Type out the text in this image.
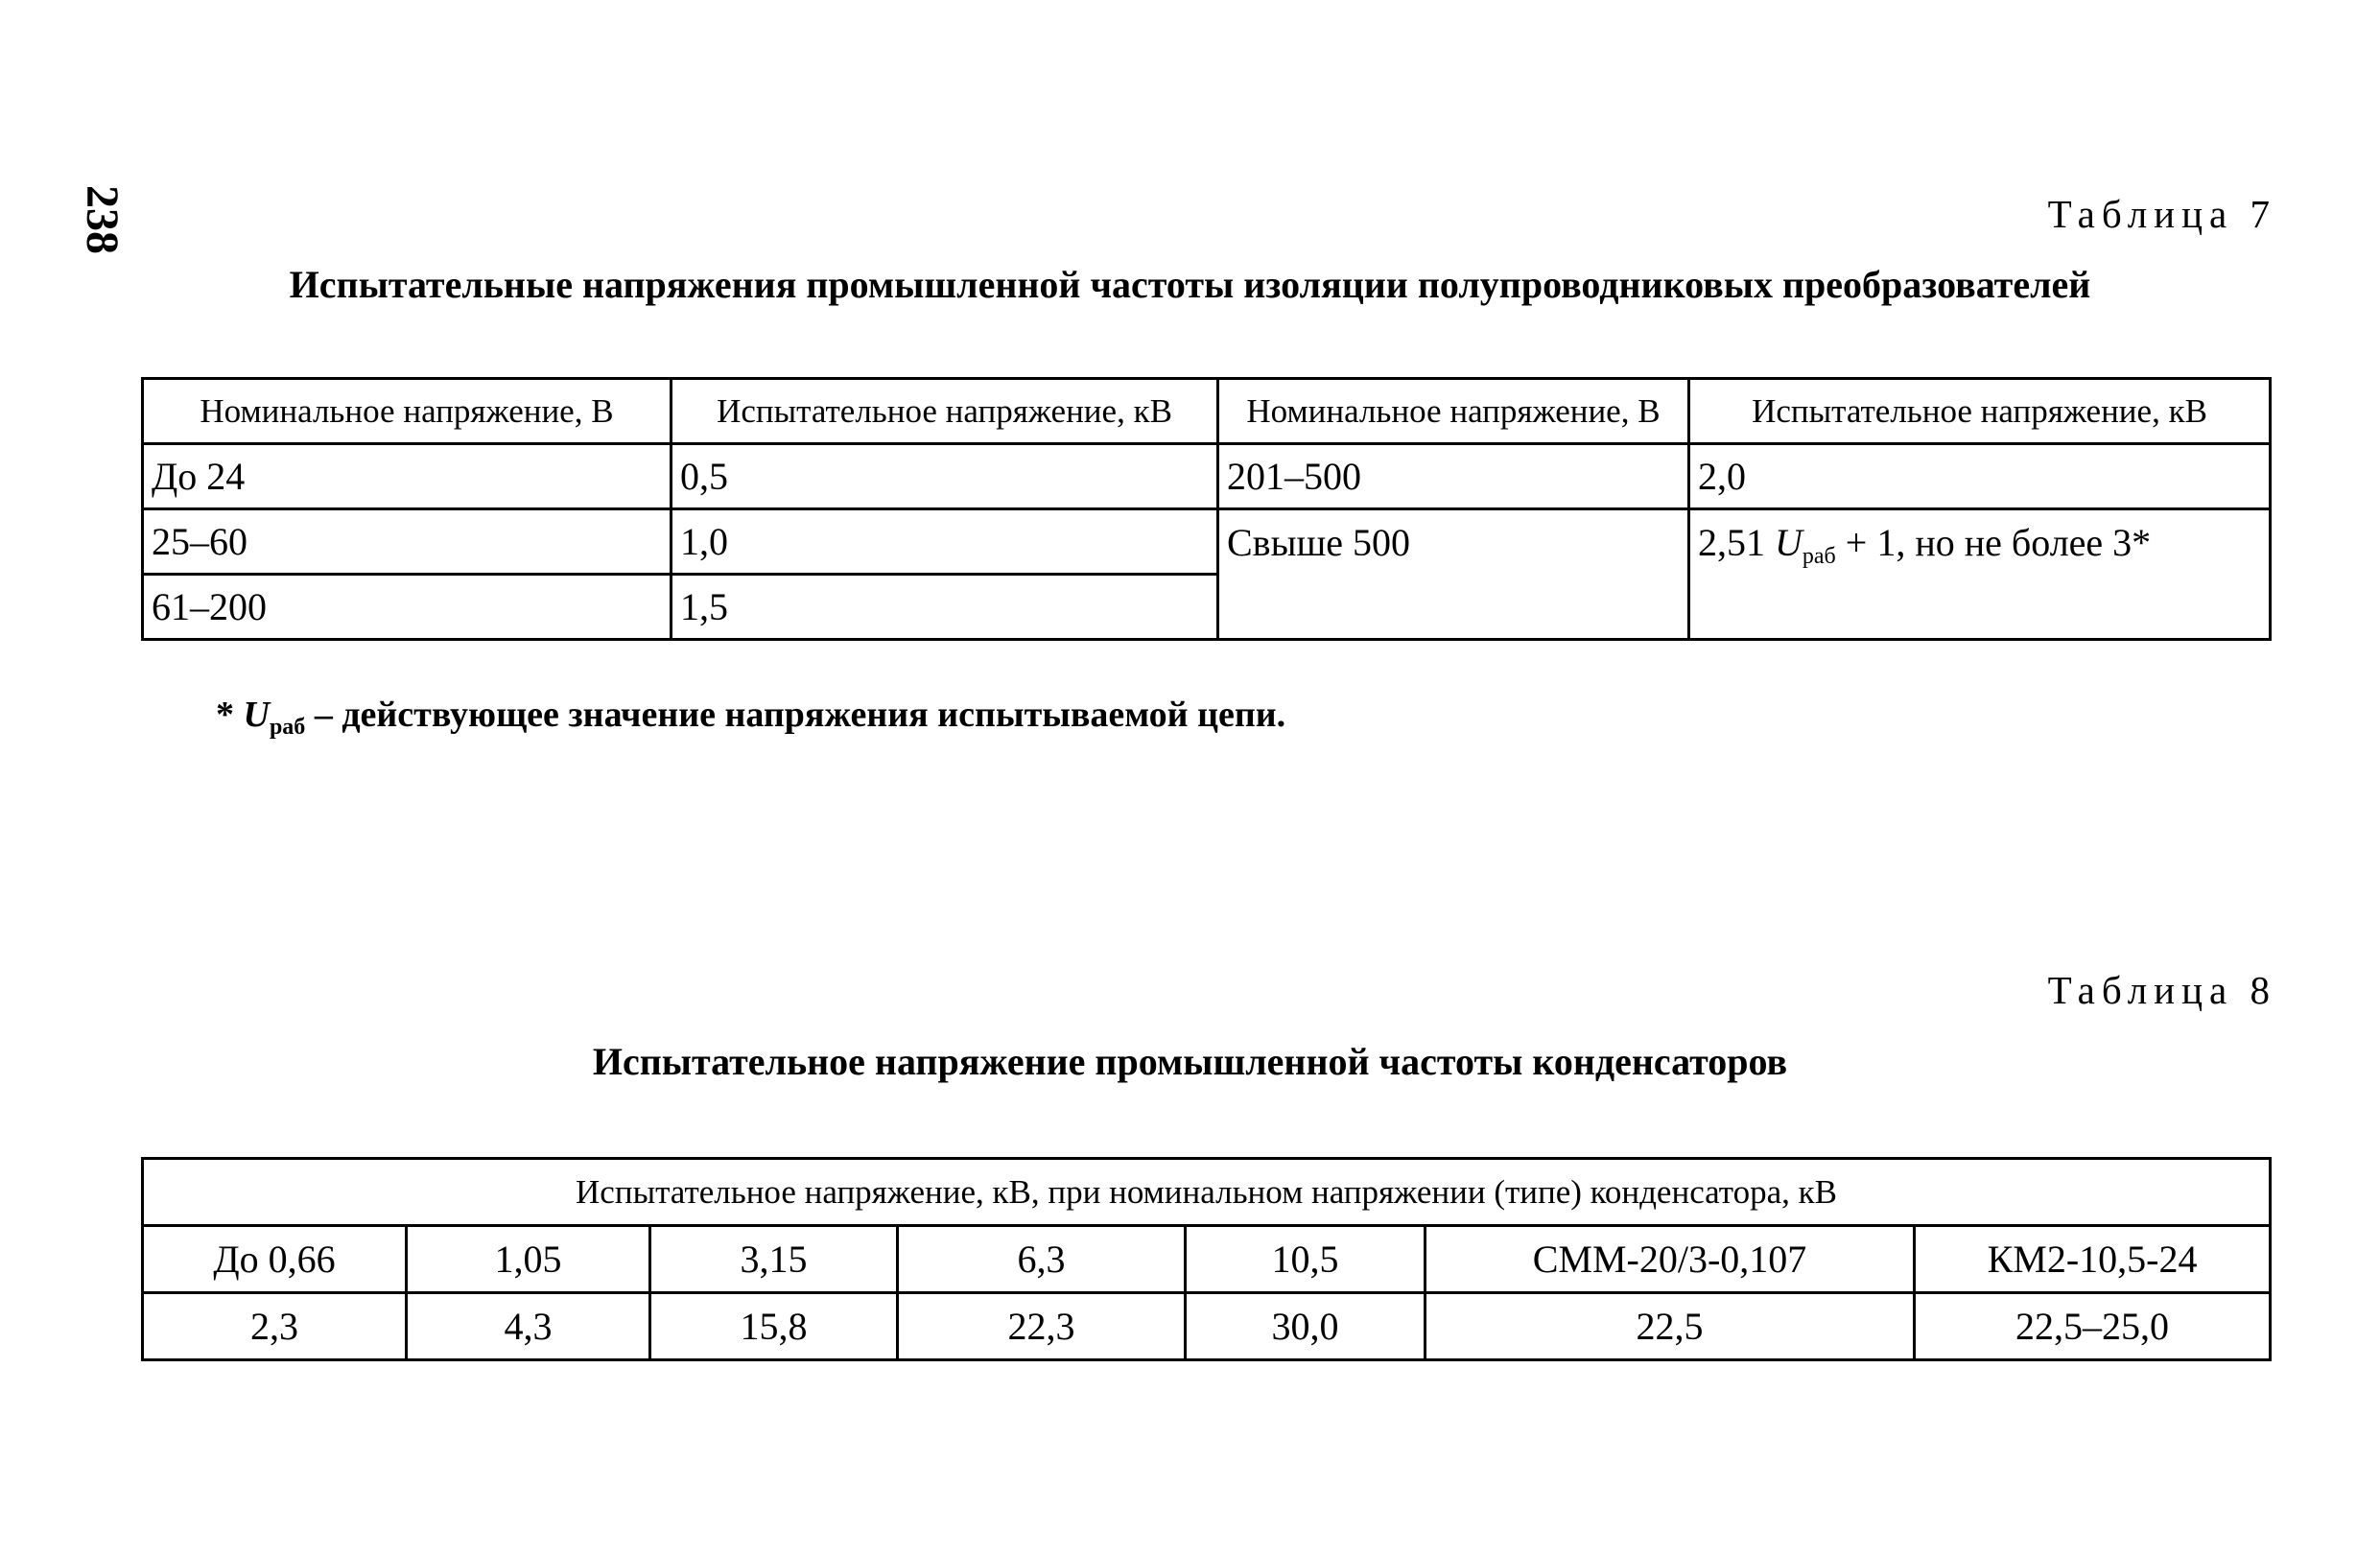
238	Таблица 7
Испытательные напряжения промышленной частоты изоляции полупроводниковых преобразователей
Номинальное напряжение, В	Испытательное напряжение, кВ	Номинальное напряжение, В	Испытательное напряжение, кВ
До 24	0,5	201–500	2,0
25–60	1,0	Свыше 500	2,51 $U_{раб} + 1$, но не более 3*
61–200	1,5		
* $U_{раб}$ – действующее значение напряжения испытываемой цепи.
Таблица 8
Испытательное напряжение промышленной частоты конденсаторов
Испытательное напряжение, кВ, при номинальном напряжении (типе) конденсатора, кВ						
До 0,66	1,05	3,15	6,3	10,5	СММ-20/3-0,107	КМ2-10,5-24
2,3	4,3	15,8	22,3	30,0	22,5	22,5–25,0
